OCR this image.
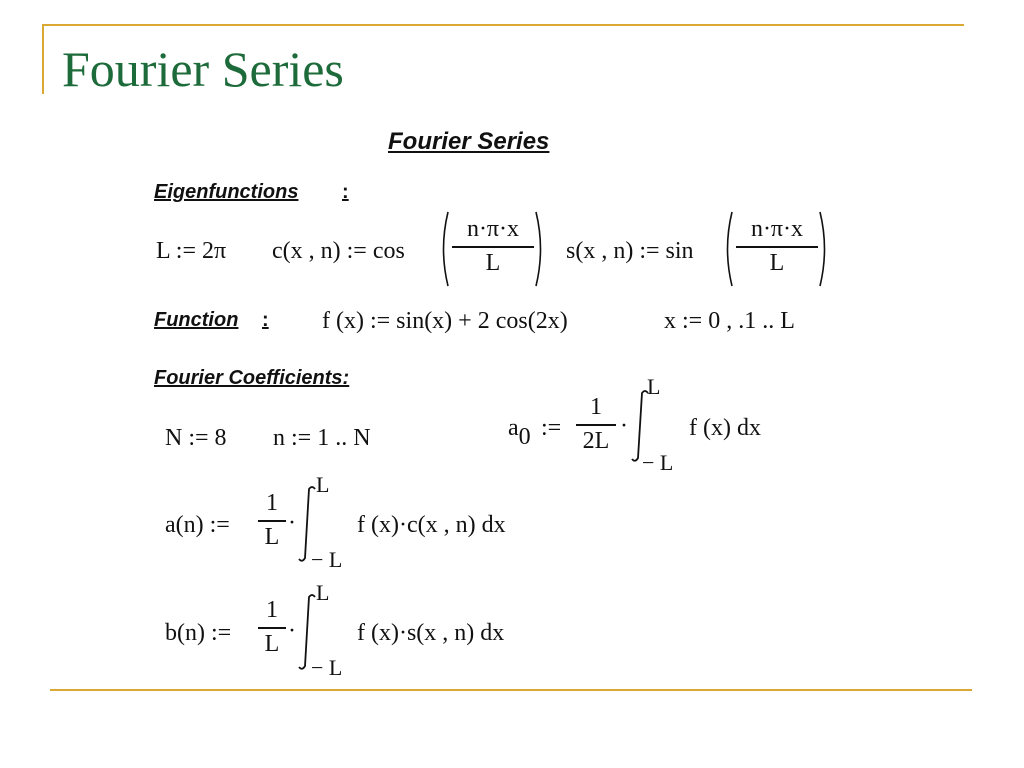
Fourier Series
Fourier Series
Eigenfunctions :
L := 2π c(x , n) := cos
n·π·x
L	s(x , n) := sin
n·π·x
L
Function : f (x) := sin(x) + 2 cos(2x)	x := 0 , .1 .. L
Fourier Coefficients:
N := 8 n := 1 .. N	a0 :=
1
2L
·
L
− L
f (x) dx
a(n) :=
1
L
·
L
− L
f (x)·c(x , n) dx
b(n) :=
1
L ·
L
− L
f (x)·s(x , n) dx
